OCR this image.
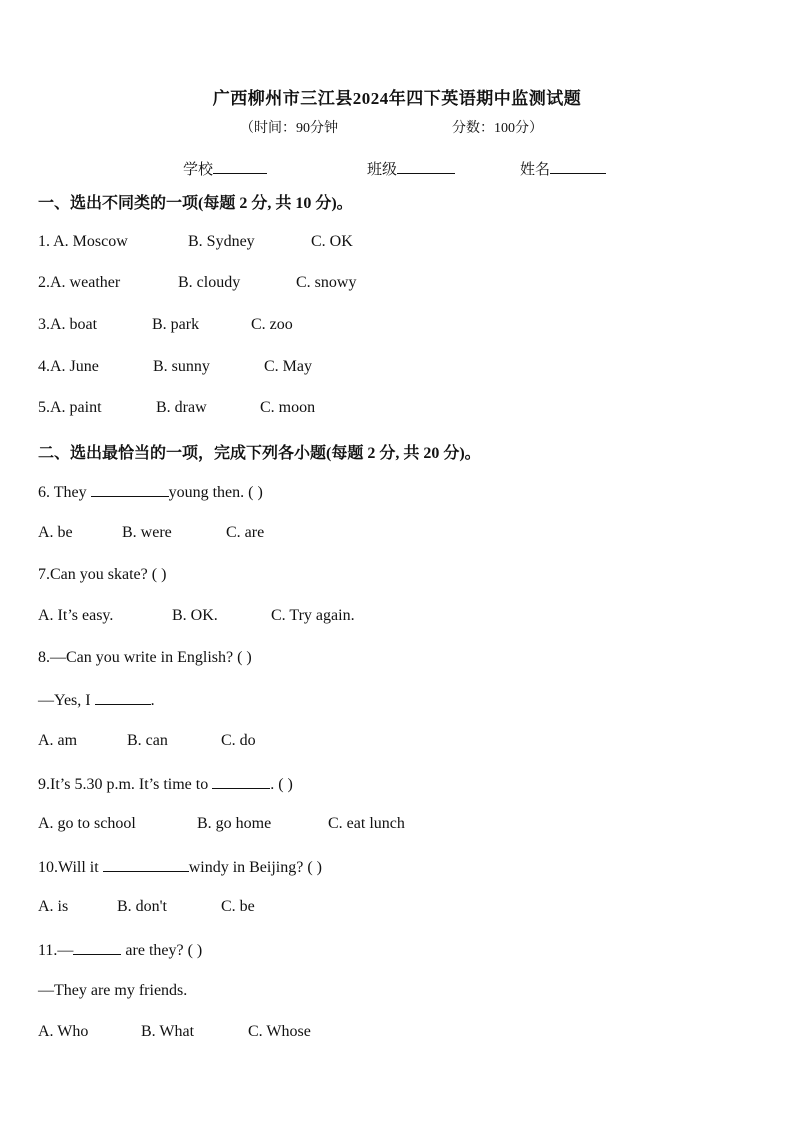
广西柳州市三江县2024年四下英语期中监测试题
（时间：90分钟	分数：100分）
学校	班级	姓名
一、选出不同类的一项(每题 2 分, 共 10 分)。
1. A. Moscow	B. Sydney	C. OK
2.A. weather	B. cloudy	C. snowy
3.A. boat	B. park	C. zoo
4.A. June	B. sunny	C. May
5.A. paint	B. draw	C. moon
二、选出最恰当的一项，完成下列各小题(每题 2 分, 共 20 分)。
6. They	young then. ( )
A. be	B. were	C. are
7.Can you skate? ( )
A. It’s easy.	B. OK.	C. Try again.
8.—Can you write in English? ( )
—Yes, I	.
A. am	B. can	C. do
9.It’s 5.30 p.m. It’s time to	. ( )
A. go to school	B. go home	C. eat lunch
10.Will it	windy in Beijing? ( )
A. is	B. don't	C. be
11.—	are they? ( )
—They are my friends.
A. Who	B. What	C. Whose
